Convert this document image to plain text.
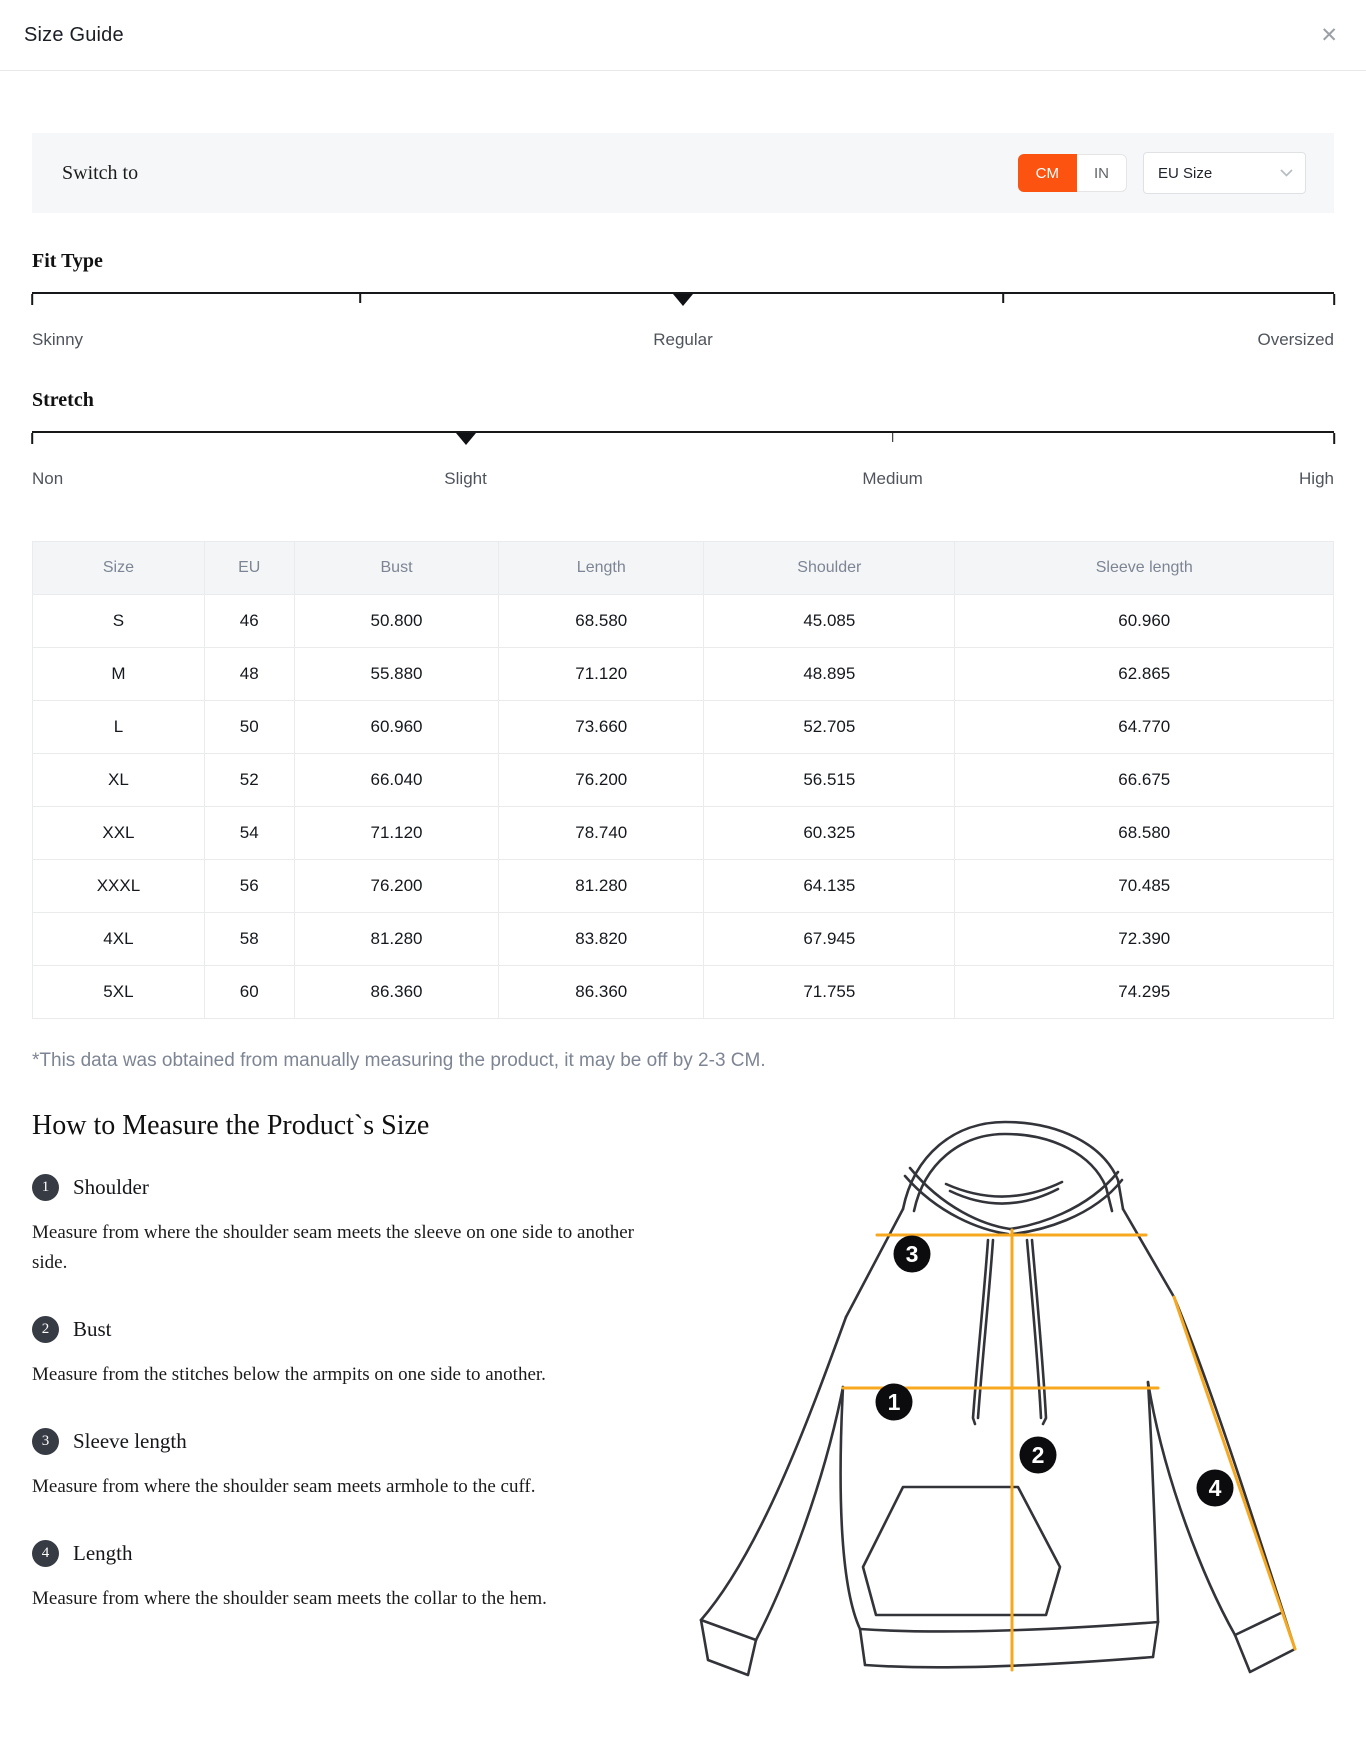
Size Guide	✕
Switch to	CM	IN	EU Size
Fit Type
Skinny	Regular	Oversized
Stretch
Non	Slight	Medium	High
Size	EU	Bust	Length	Shoulder	Sleeve length
S	46	50.800	68.580	45.085	60.960
M	48	55.880	71.120	48.895	62.865
L	50	60.960	73.660	52.705	64.770
XL	52	66.040	76.200	56.515	66.675
XXL	54	71.120	78.740	60.325	68.580
XXXL	56	76.200	81.280	64.135	70.485
4XL	58	81.280	83.820	67.945	72.390
5XL	60	86.360	86.360	71.755	74.295
*This data was obtained from manually measuring the product, it may be off by 2-3 CM.
How to Measure the Product`s Size
1	Shoulder
Measure from where the shoulder seam meets the sleeve on one side to another side.
2	Bust
Measure from the stitches below the armpits on one side to another.
3	Sleeve length
Measure from where the shoulder seam meets armhole to the cuff.
4	Length
Measure from where the shoulder seam meets the collar to the hem.
1
2
3
4
